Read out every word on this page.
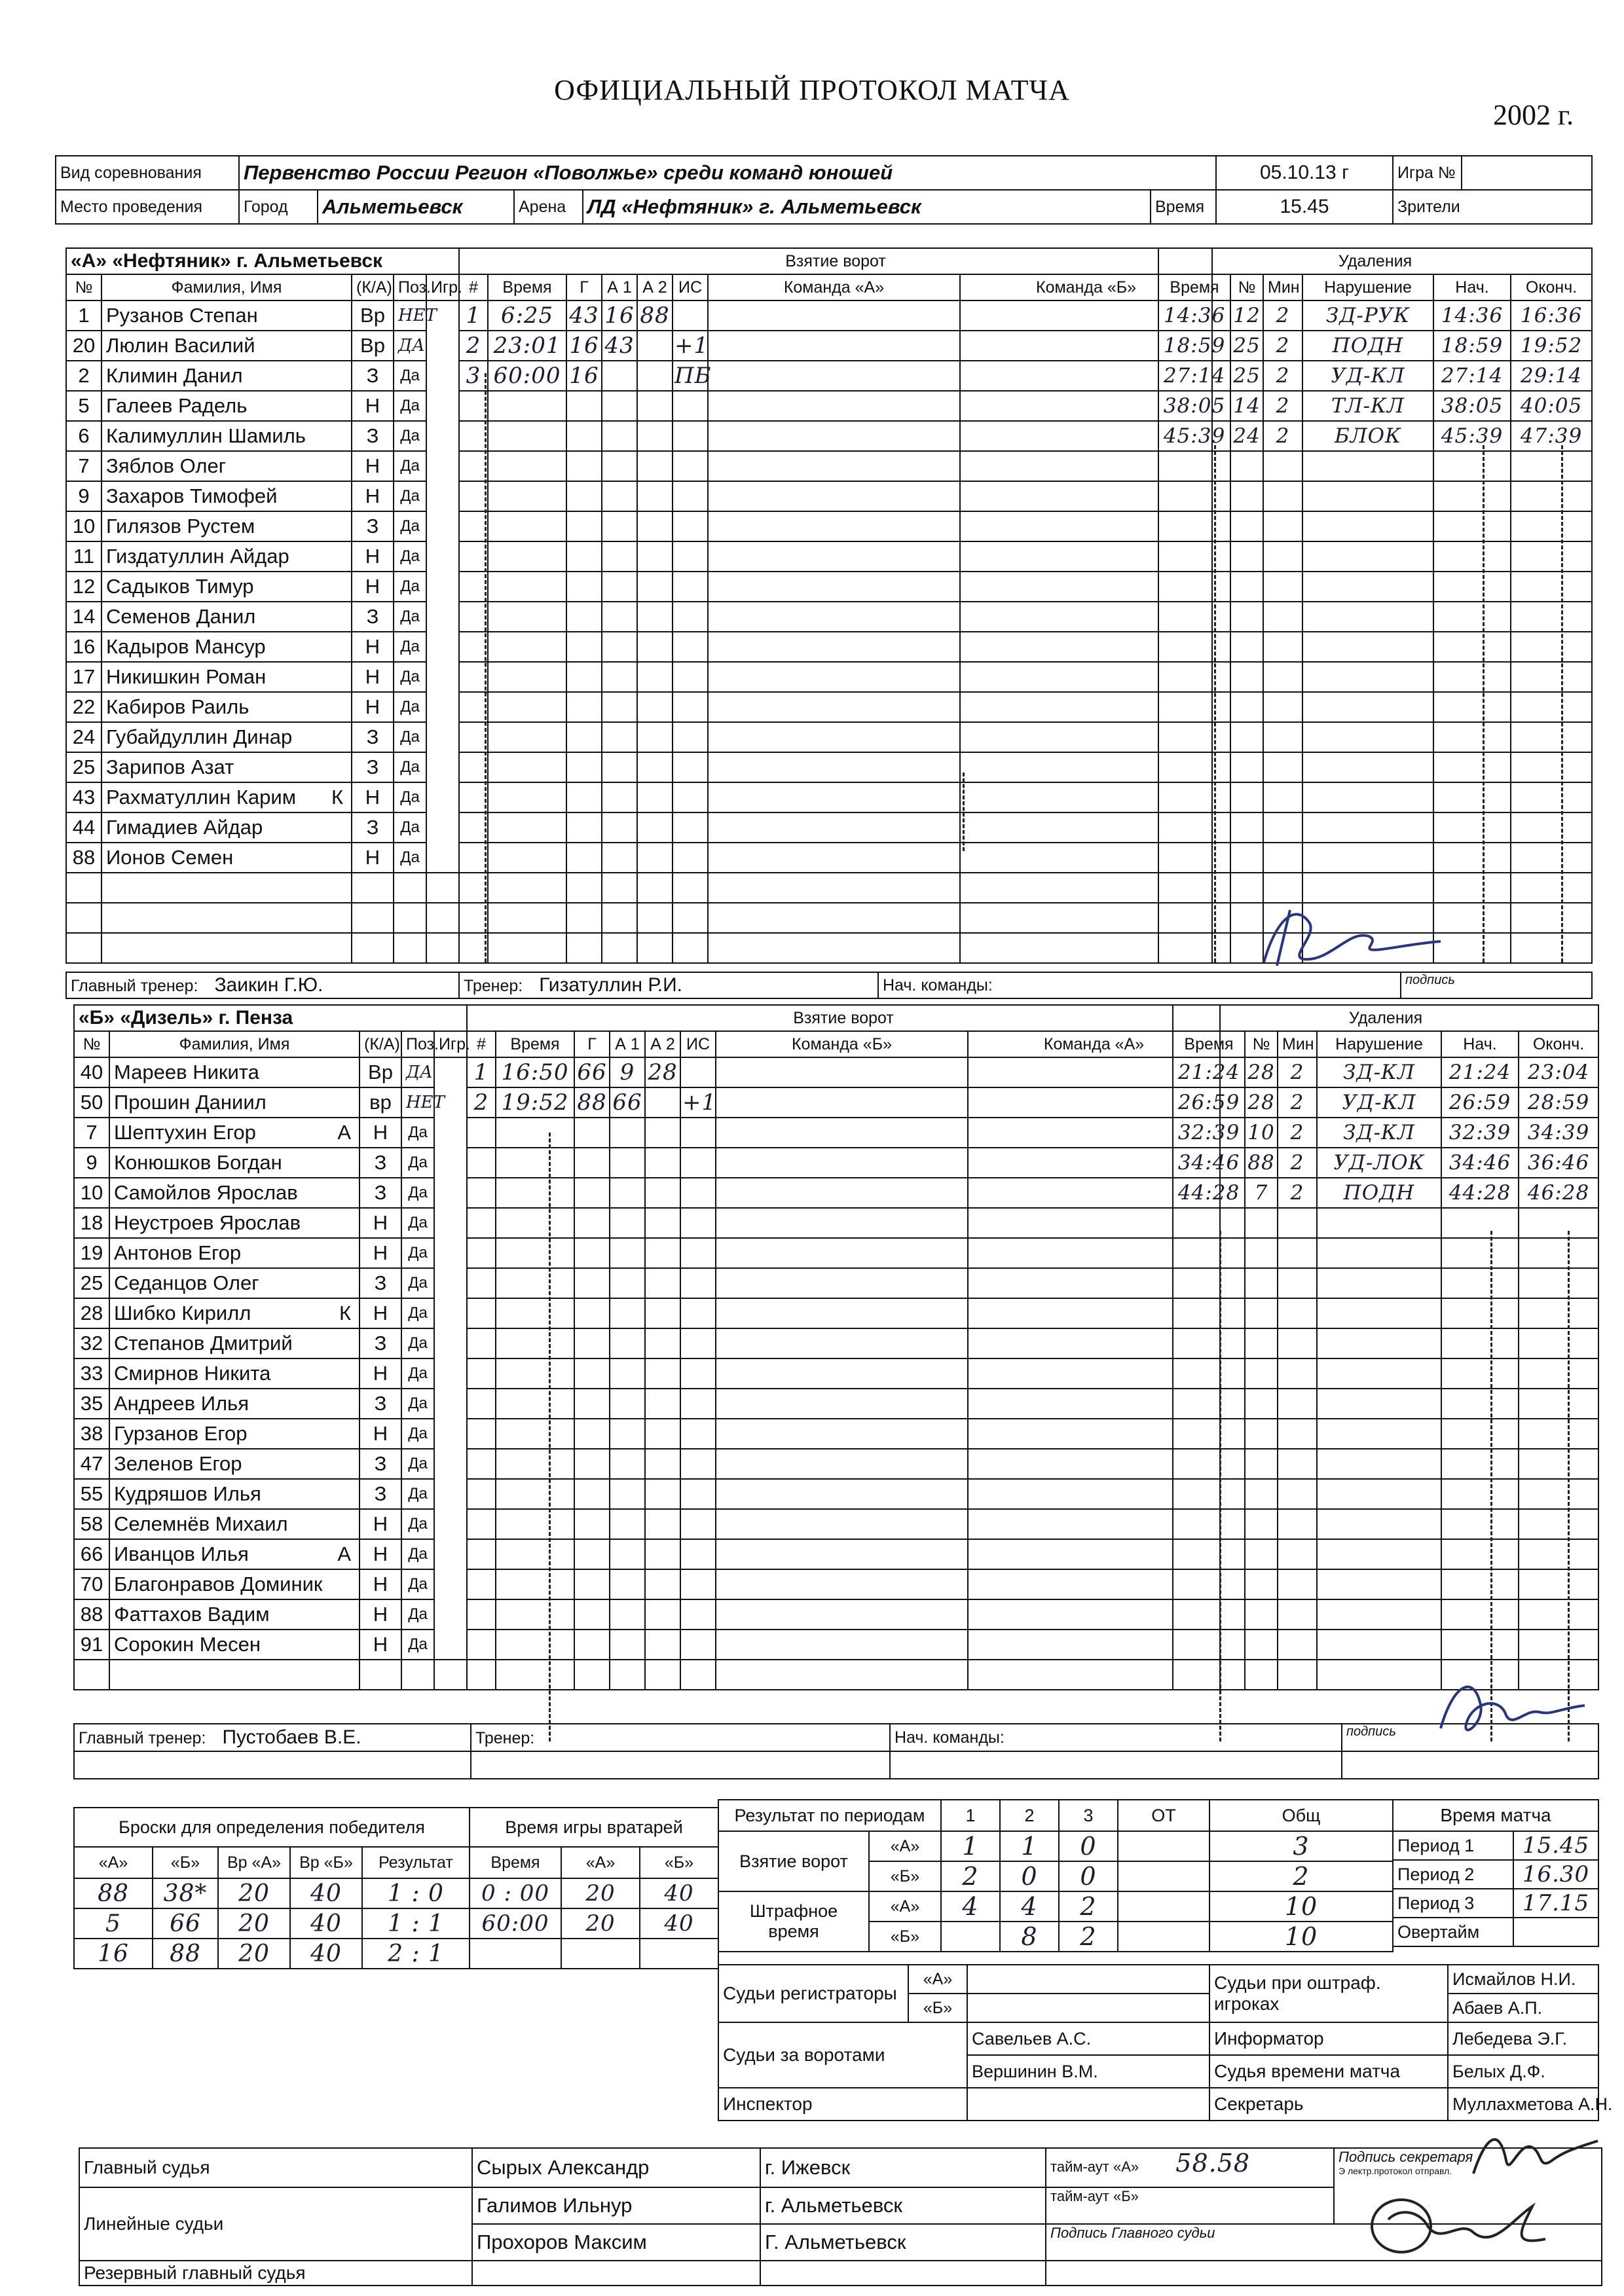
ОФИЦИАЛЬНЫЙ ПРОТОКОЛ МАТЧА
2002 г.
Вид соревнования	Первенство России Регион «Поволжье» среди команд юношей	05.10.13 г	Игра №	
Место проведения	Город	Альметьевск	Арена	ЛД «Нефтяник» г. Альметьевск	Время	15.45	Зрители
«А» «Нефтяник» г. Альметьевск				
№	Фамилия, Имя	(К/А)	Поз.	Игр.
1	Рузанов Степан	Вр	НЕТ	
20	Люлин Василий	Вр	ДА	
2	Климин Данил	З	Да	
5	Галеев Радель	Н	Да	
6	Калимуллин Шамиль	З	Да	
7	Зяблов Олег	Н	Да	
9	Захаров Тимофей	Н	Да	
10	Гилязов Рустем	З	Да	
11	Гиздатуллин Айдар	Н	Да	
12	Садыков Тимур	Н	Да	
14	Семенов Данил	З	Да	
16	Кадыров Мансур	Н	Да	
17	Никишкин Роман	Н	Да	
22	Кабиров Раиль	Н	Да	
24	Губайдуллин Динар	З	Да	
25	Зарипов Азат	З	Да	
43	Рахматуллин Карим К	Н	Да	
44	Гимадиев Айдар	З	Да	
88	Ионов Семен	Н	Да	

Взятие ворот							
#	Время	Г	А 1	А 2	ИС	Команда «А»	Команда «Б»
1	6:25	43	16	88			
2	23:01	16	43		+1		
3	60:00	16			ПБ		

Удаления					
Время	№	Мин	Нарушение	Нач.	Оконч.
14:36	12	2	ЗД-РУК	14:36	16:36
18:59	25	2	ПОДН	18:59	19:52
27:14	25	2	УД-КЛ	27:14	29:14
38:05	14	2	ТЛ-КЛ	38:05	40:05
45:39	24	2	БЛОК	45:39	47:39

Главный тренер: Заикин Г.Ю.	Тренер: Гизатуллин Р.И.	Нач. команды:	подпись
«Б» «Дизель» г. Пенза				
№	Фамилия, Имя	(К/А)	Поз.	Игр.
40	Мареев Никита	Вр	ДА	
50	Прошин Даниил	вр	НЕТ	
7	Шептухин Егор А	Н	Да	
9	Конюшков Богдан	З	Да	
10	Самойлов Ярослав	З	Да	
18	Неустроев Ярослав	Н	Да	
19	Антонов Егор	Н	Да	
25	Седанцов Олег	З	Да	
28	Шибко Кирилл К	Н	Да	
32	Степанов Дмитрий	З	Да	
33	Смирнов Никита	Н	Да	
35	Андреев Илья	З	Да	
38	Гурзанов Егор	Н	Да	
47	Зеленов Егор	З	Да	
55	Кудряшов Илья	З	Да	
58	Селемнёв Михаил	Н	Да	
66	Иванцов Илья А	Н	Да	
70	Благонравов Доминик	Н	Да	
88	Фаттахов Вадим	Н	Да	
91	Сорокин Месен	Н	Да	

Взятие ворот							
#	Время	Г	А 1	А 2	ИС	Команда «Б»	Команда «А»
1	16:50	66	9	28			
2	19:52	88	66		+1		

Удаления					
Время	№	Мин	Нарушение	Нач.	Оконч.
21:24	28	2	ЗД-КЛ	21:24	23:04
26:59	28	2	УД-КЛ	26:59	28:59
32:39	10	2	ЗД-КЛ	32:39	34:39
34:46	88	2	УД-ЛОК	34:46	36:46
44:28	7	2	ПОДН	44:28	46:28

Главный тренер: Пустобаев В.Е.	Тренер:	Нач. команды:	подпись

Броски для определения победителя				
«А»	«Б»	Вр «А»	Вр «Б»	Результат
88	38*	20	40	1 : 0
5	66	20	40	1 : 1
16	88	20	40	2 : 1
Время игры вратарей		
Время	«А»	«Б»
0 : 00	20	40
60:00	20	40

Результат по периодам		1	2	3	ОТ	Общ
Взятие ворот	«А»	1	1	0		3
	«Б»	2	0	0		2
Штрафное время	«А»	4	4	2		10
	«Б»		8	2		10
Время матча	
Период 1	15.45
Период 2	16.30
Период 3	17.15
Овертайм	
Судьи регистраторы	«А»		Судьи при оштраф. игроках	Исмайлов Н.И.
	«Б»			Абаев А.П.
Судьи за воротами		Савельев А.С.	Информатор	Лебедева Э.Г.
		Вершинин В.М.	Судья времени матча	Белых Д.Ф.
Инспектор			Секретарь	Муллахметова А.Н.
Главный судья	Сырых Александр	г. Ижевск	тайм-аут «А» 58.58	Подпись секретаря
Э лектр.протокол отправл.

Линейные судьи	Галимов Ильнур	г. Альметьевск	тайм-аут «Б»	
	Прохоров Максим	Г. Альметьевск	Подпись Главного судьи	
Резервный главный судья				
